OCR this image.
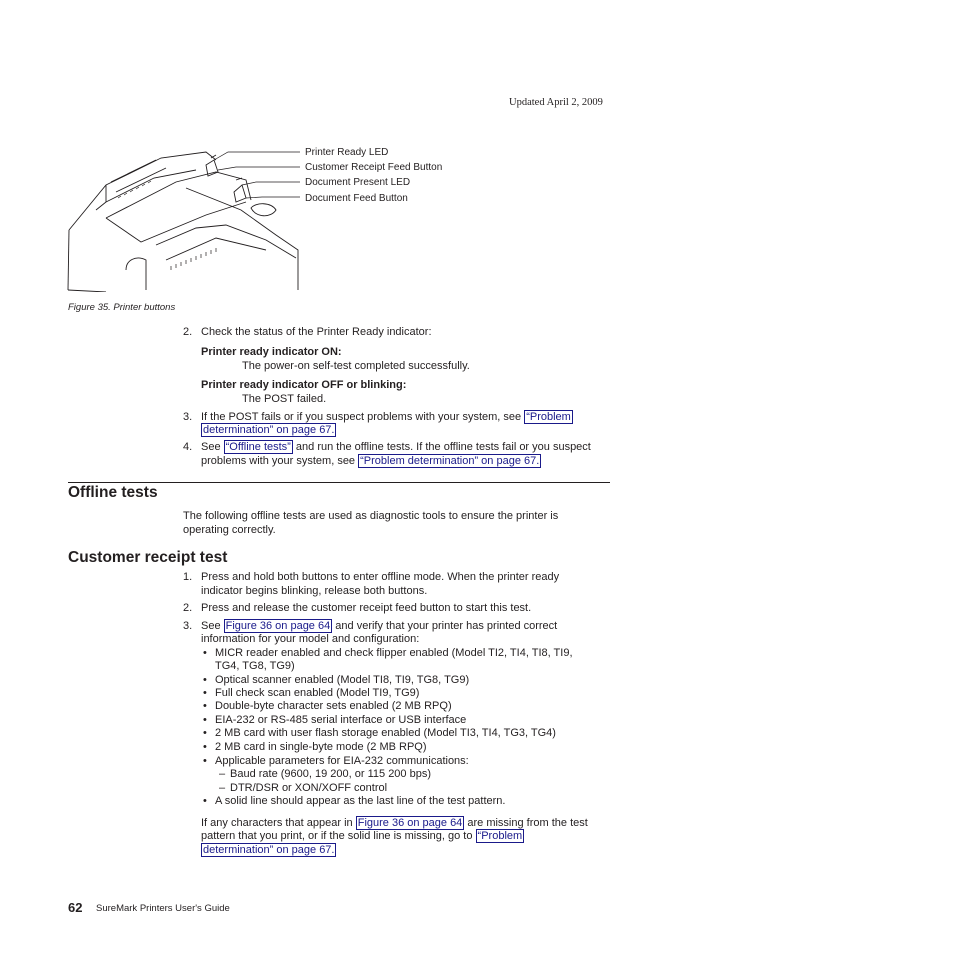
Updated April 2, 2009
Printer Ready LED
Customer Receipt Feed Button
Document Present LED
Document Feed Button
Figure 35. Printer buttons
2. Check the status of the Printer Ready indicator:
Printer ready indicator ON:
The power-on self-test completed successfully.
Printer ready indicator OFF or blinking:
The POST failed.
3. If the POST fails or if you suspect problems with your system, see “Problem
determination” on page 67.
4. See “Offline tests” and run the offline tests. If the offline tests fail or you suspect
problems with your system, see “Problem determination” on page 67.
Offline tests
The following offline tests are used as diagnostic tools to ensure the printer is
operating correctly.
Customer receipt test
1. Press and hold both buttons to enter offline mode. When the printer ready
indicator begins blinking, release both buttons.
2. Press and release the customer receipt feed button to start this test.
3. See Figure 36 on page 64 and verify that your printer has printed correct
information for your model and configuration:
• MICR reader enabled and check flipper enabled (Model TI2, TI4, TI8, TI9,
TG4, TG8, TG9)
• Optical scanner enabled (Model TI8, TI9, TG8, TG9)
• Full check scan enabled (Model TI9, TG9)
• Double-byte character sets enabled (2 MB RPQ)
• EIA-232 or RS-485 serial interface or USB interface
• 2 MB card with user flash storage enabled (Model TI3, TI4, TG3, TG4)
• 2 MB card in single-byte mode (2 MB RPQ)
• Applicable parameters for EIA-232 communications:
– Baud rate (9600, 19 200, or 115 200 bps)
– DTR/DSR or XON/XOFF control
• A solid line should appear as the last line of the test pattern.
If any characters that appear in Figure 36 on page 64 are missing from the test
pattern that you print, or if the solid line is missing, go to “Problem
determination” on page 67.
62 SureMark Printers User's Guide
